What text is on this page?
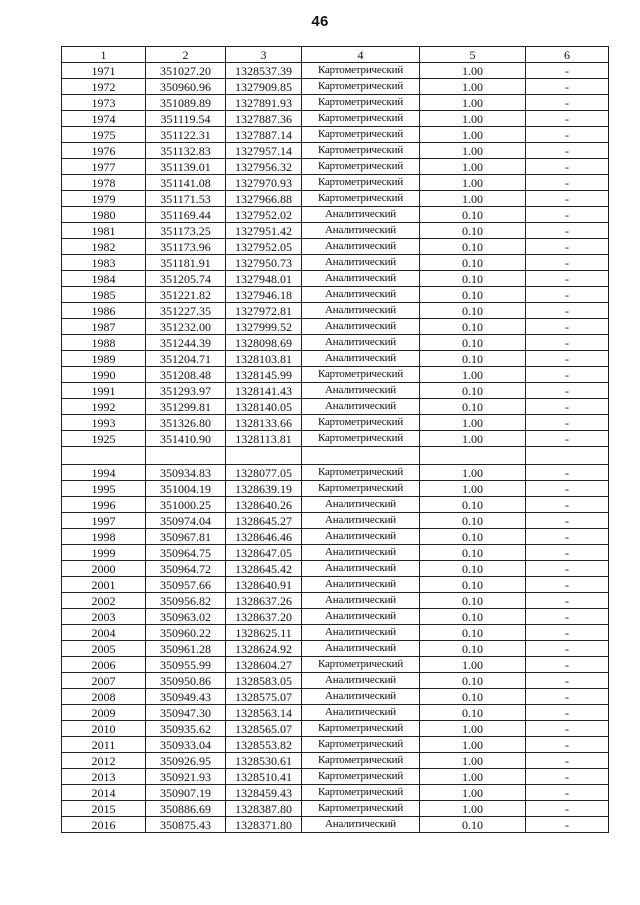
46
1	2	3	4	5	6
1971	351027.20	1328537.39	Картометрический	1.00	-
1972	350960.96	1327909.85	Картометрический	1.00	-
1973	351089.89	1327891.93	Картометрический	1.00	-
1974	351119.54	1327887.36	Картометрический	1.00	-
1975	351122.31	1327887.14	Картометрический	1.00	-
1976	351132.83	1327957.14	Картометрический	1.00	-
1977	351139.01	1327956.32	Картометрический	1.00	-
1978	351141.08	1327970.93	Картометрический	1.00	-
1979	351171.53	1327966.88	Картометрический	1.00	-
1980	351169.44	1327952.02	Аналитический	0.10	-
1981	351173.25	1327951.42	Аналитический	0.10	-
1982	351173.96	1327952.05	Аналитический	0.10	-
1983	351181.91	1327950.73	Аналитический	0.10	-
1984	351205.74	1327948.01	Аналитический	0.10	-
1985	351221.82	1327946.18	Аналитический	0.10	-
1986	351227.35	1327972.81	Аналитический	0.10	-
1987	351232.00	1327999.52	Аналитический	0.10	-
1988	351244.39	1328098.69	Аналитический	0.10	-
1989	351204.71	1328103.81	Аналитический	0.10	-
1990	351208.48	1328145.99	Картометрический	1.00	-
1991	351293.97	1328141.43	Аналитический	0.10	-
1992	351299.81	1328140.05	Аналитический	0.10	-
1993	351326.80	1328133.66	Картометрический	1.00	-
1925	351410.90	1328113.81	Картометрический	1.00	-

1994	350934.83	1328077.05	Картометрический	1.00	-
1995	351004.19	1328639.19	Картометрический	1.00	-
1996	351000.25	1328640.26	Аналитический	0.10	-
1997	350974.04	1328645.27	Аналитический	0.10	-
1998	350967.81	1328646.46	Аналитический	0.10	-
1999	350964.75	1328647.05	Аналитический	0.10	-
2000	350964.72	1328645.42	Аналитический	0.10	-
2001	350957.66	1328640.91	Аналитический	0.10	-
2002	350956.82	1328637.26	Аналитический	0.10	-
2003	350963.02	1328637.20	Аналитический	0.10	-
2004	350960.22	1328625.11	Аналитический	0.10	-
2005	350961.28	1328624.92	Аналитический	0.10	-
2006	350955.99	1328604.27	Картометрический	1.00	-
2007	350950.86	1328583.05	Аналитический	0.10	-
2008	350949.43	1328575.07	Аналитический	0.10	-
2009	350947.30	1328563.14	Аналитический	0.10	-
2010	350935.62	1328565.07	Картометрический	1.00	-
2011	350933.04	1328553.82	Картометрический	1.00	-
2012	350926.95	1328530.61	Картометрический	1.00	-
2013	350921.93	1328510.41	Картометрический	1.00	-
2014	350907.19	1328459.43	Картометрический	1.00	-
2015	350886.69	1328387.80	Картометрический	1.00	-
2016	350875.43	1328371.80	Аналитический	0.10	-
